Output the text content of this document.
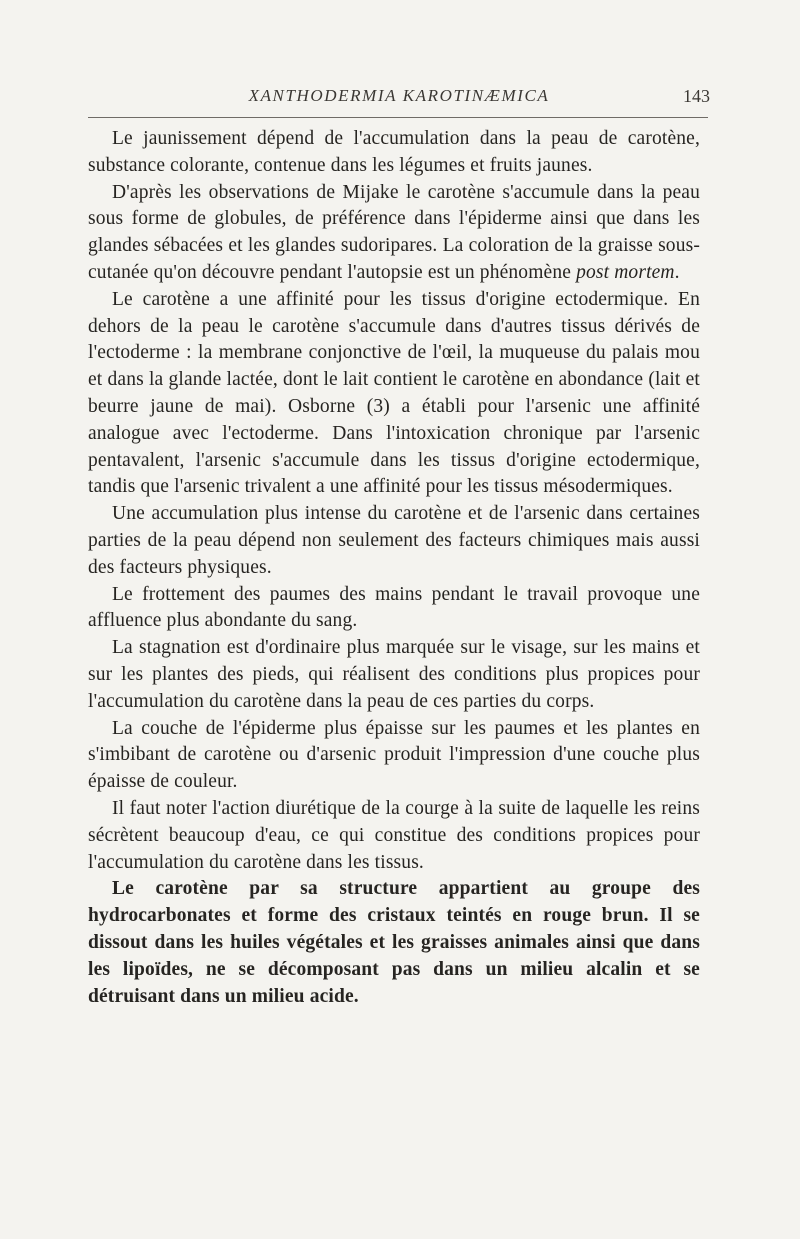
XANTHODERMIA KAROTINÆMICA	143

Le jaunissement dépend de l'accumulation dans la peau de carotène, substance colorante, contenue dans les légumes et fruits jaunes.

D'après les observations de Mijake le carotène s'accumule dans la peau sous forme de globules, de préférence dans l'épiderme ainsi que dans les glandes sébacées et les glandes sudoripares. La coloration de la graisse sous-cutanée qu'on découvre pendant l'autopsie est un phénomène post mortem.

Le carotène a une affinité pour les tissus d'origine ectodermique. En dehors de la peau le carotène s'accumule dans d'autres tissus dérivés de l'ectoderme : la membrane conjonctive de l'œil, la muqueuse du palais mou et dans la glande lactée, dont le lait contient le carotène en abondance (lait et beurre jaune de mai). Osborne (3) a établi pour l'arsenic une affinité analogue avec l'ectoderme. Dans l'intoxication chronique par l'arsenic pentavalent, l'arsenic s'accumule dans les tissus d'origine ectodermique, tandis que l'arsenic trivalent a une affinité pour les tissus mésodermiques.

Une accumulation plus intense du carotène et de l'arsenic dans certaines parties de la peau dépend non seulement des facteurs chimiques mais aussi des facteurs physiques.

Le frottement des paumes des mains pendant le travail provoque une affluence plus abondante du sang.

La stagnation est d'ordinaire plus marquée sur le visage, sur les mains et sur les plantes des pieds, qui réalisent des conditions plus propices pour l'accumulation du carotène dans la peau de ces parties du corps.

La couche de l'épiderme plus épaisse sur les paumes et les plantes en s'imbibant de carotène ou d'arsenic produit l'impression d'une couche plus épaisse de couleur.

Il faut noter l'action diurétique de la courge à la suite de laquelle les reins sécrètent beaucoup d'eau, ce qui constitue des conditions propices pour l'accumulation du carotène dans les tissus.

Le carotène par sa structure appartient au groupe des hydrocarbonates et forme des cristaux teintés en rouge brun. Il se dissout dans les huiles végétales et les graisses animales ainsi que dans les lipoïdes, ne se décomposant pas dans un milieu alcalin et se détruisant dans un milieu acide.
